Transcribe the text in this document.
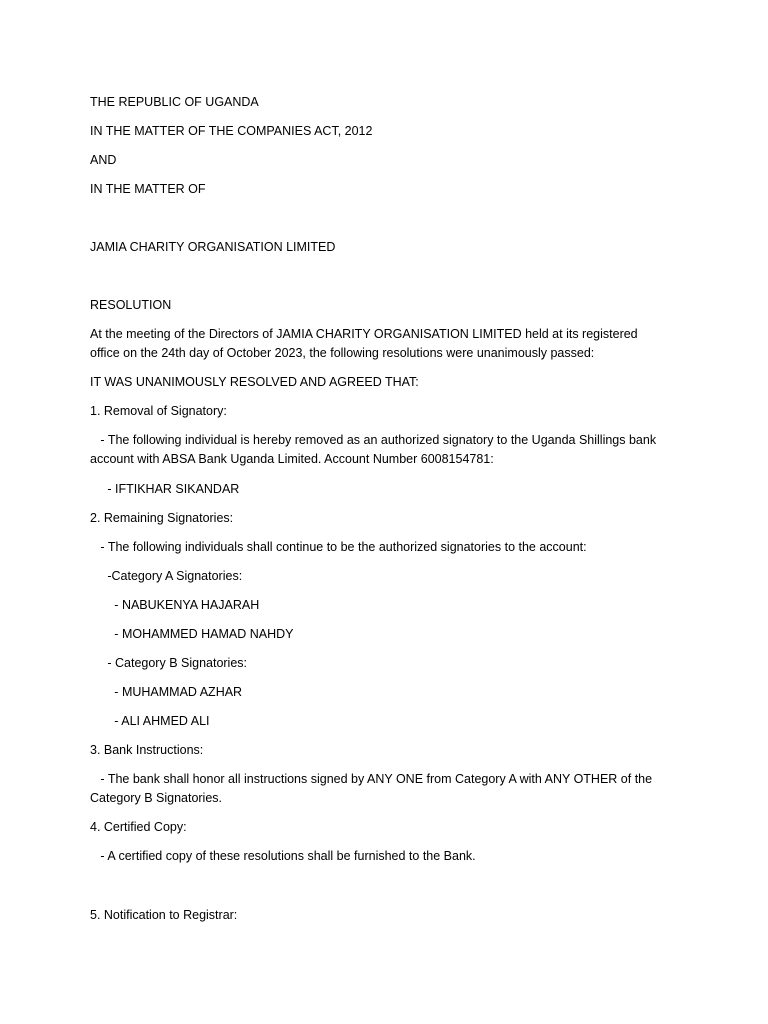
THE REPUBLIC OF UGANDA
IN THE MATTER OF THE COMPANIES ACT, 2012
AND
IN THE MATTER OF
JAMIA CHARITY ORGANISATION LIMITED
RESOLUTION
At the meeting of the Directors of JAMIA CHARITY ORGANISATION LIMITED held at its registered office on the 24th day of October 2023, the following resolutions were unanimously passed:
IT WAS UNANIMOUSLY RESOLVED AND AGREED THAT:
1. Removal of Signatory:
- The following individual is hereby removed as an authorized signatory to the Uganda Shillings bank account with ABSA Bank Uganda Limited. Account Number 6008154781:
- IFTIKHAR SIKANDAR
2. Remaining Signatories:
- The following individuals shall continue to be the authorized signatories to the account:
-Category A Signatories:
- NABUKENYA HAJARAH
- MOHAMMED HAMAD NAHDY
- Category B Signatories:
- MUHAMMAD AZHAR
- ALI AHMED ALI
3. Bank Instructions:
- The bank shall honor all instructions signed by ANY ONE from Category A with ANY OTHER of the Category B Signatories.
4. Certified Copy:
- A certified copy of these resolutions shall be furnished to the Bank.
5. Notification to Registrar:
